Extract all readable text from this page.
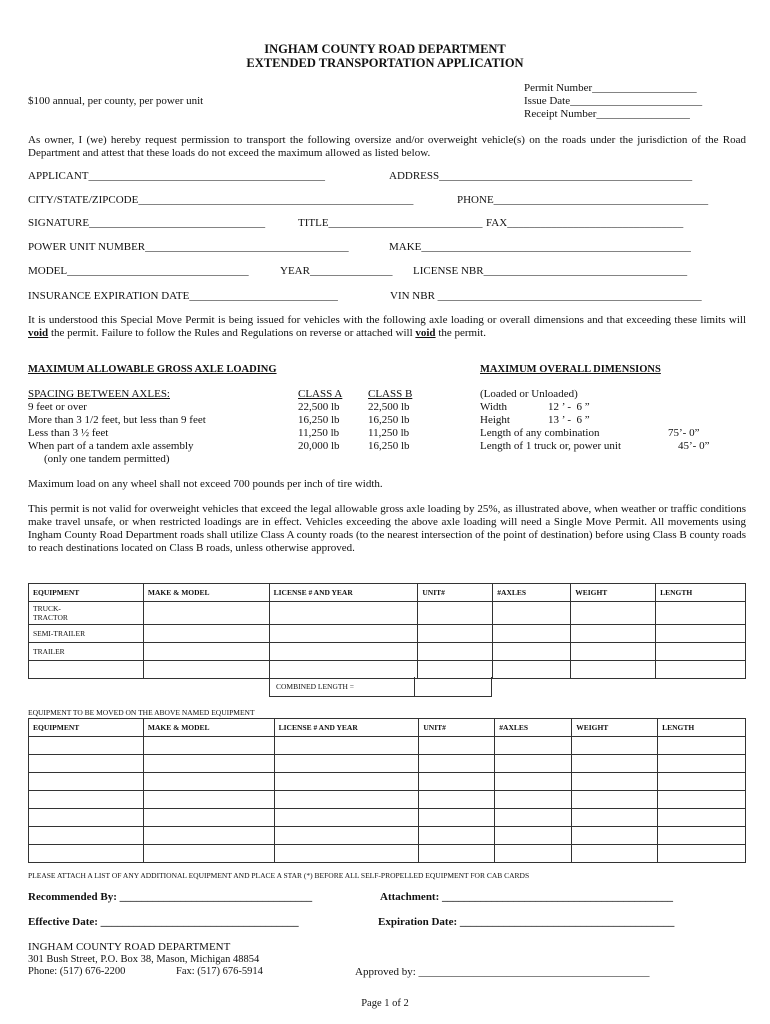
INGHAM COUNTY ROAD DEPARTMENT
EXTENDED TRANSPORTATION APPLICATION
Permit Number___________________
$100 annual, per county, per power unit	Issue Date________________________
Receipt Number_________________
As owner, I (we) hereby request permission to transport the following oversize and/or overweight vehicle(s) on the roads under the jurisdiction of the Road Department and attest that these loads do not exceed the maximum allowed as listed below.
APPLICANT___________________________________________	ADDRESS______________________________________________
CITY/STATE/ZIPCODE__________________________________________________	PHONE_______________________________________
SIGNATURE________________________________	TITLE____________________________ FAX________________________________
POWER UNIT NUMBER_____________________________________	MAKE_________________________________________________
MODEL_________________________________	YEAR_______________ LICENSE NBR_____________________________________
INSURANCE EXPIRATION DATE___________________________	VIN NBR ________________________________________________
It is understood this Special Move Permit is being issued for vehicles with the following axle loading or overall dimensions and that exceeding these limits will void the permit. Failure to follow the Rules and Regulations on reverse or attached will void the permit.
MAXIMUM ALLOWABLE GROSS AXLE LOADING	MAXIMUM OVERALL DIMENSIONS
SPACING BETWEEN AXLES:	CLASS A CLASS B	(Loaded or Unloaded)
9 feet or over	22,500 lb	22,500 lb	Width	12 ’ -  6 ”
More than 3 1/2 feet, but less than 9 feet	16,250 lb	16,250 lb	Height	13 ’ -  6 ”
Less than 3 ½ feet	11,250 lb	11,250 lb	Length of any combination	75’- 0”
When part of a tandem axle assembly	20,000 lb	16,250 lb	Length of 1 truck or, power unit	45’- 0”
(only one tandem permitted)
Maximum load on any wheel shall not exceed 700 pounds per inch of tire width.
This permit is not valid for overweight vehicles that exceed the legal allowable gross axle loading by 25%, as illustrated above, when weather or traffic conditions make travel unsafe, or when restricted loadings are in effect. Vehicles exceeding the above axle loading will need a Single Move Permit. All movements using Ingham County Road Department roads shall utilize Class A county roads (to the nearest intersection of the point of destination) before using Class B county roads to reach destinations located on Class B roads, unless otherwise approved.
EQUIPMENT	MAKE & MODEL	LICENSE # AND YEAR	UNIT#	#AXLES	WEIGHT	LENGTH
TRUCK-
TRACTOR						
SEMI-TRAILER						
TRAILER						

COMBINED LENGTH =
EQUIPMENT TO BE MOVED ON THE ABOVE NAMED EQUIPMENT
EQUIPMENT	MAKE & MODEL	LICENSE # AND YEAR	UNIT#	#AXLES	WEIGHT	LENGTH

PLEASE ATTACH A LIST OF ANY ADDITIONAL EQUIPMENT AND PLACE A STAR (*) BEFORE ALL SELF-PROPELLED EQUIPMENT FOR CAB CARDS
Recommended By: ___________________________________	Attachment: __________________________________________
Effective Date: ____________________________________	Expiration Date: _______________________________________
INGHAM COUNTY ROAD DEPARTMENT
301 Bush Street, P.O. Box 38, Mason, Michigan 48854
Phone: (517) 676-2200	Fax: (517) 676-5914	Approved by: __________________________________________
Page 1 of 2
